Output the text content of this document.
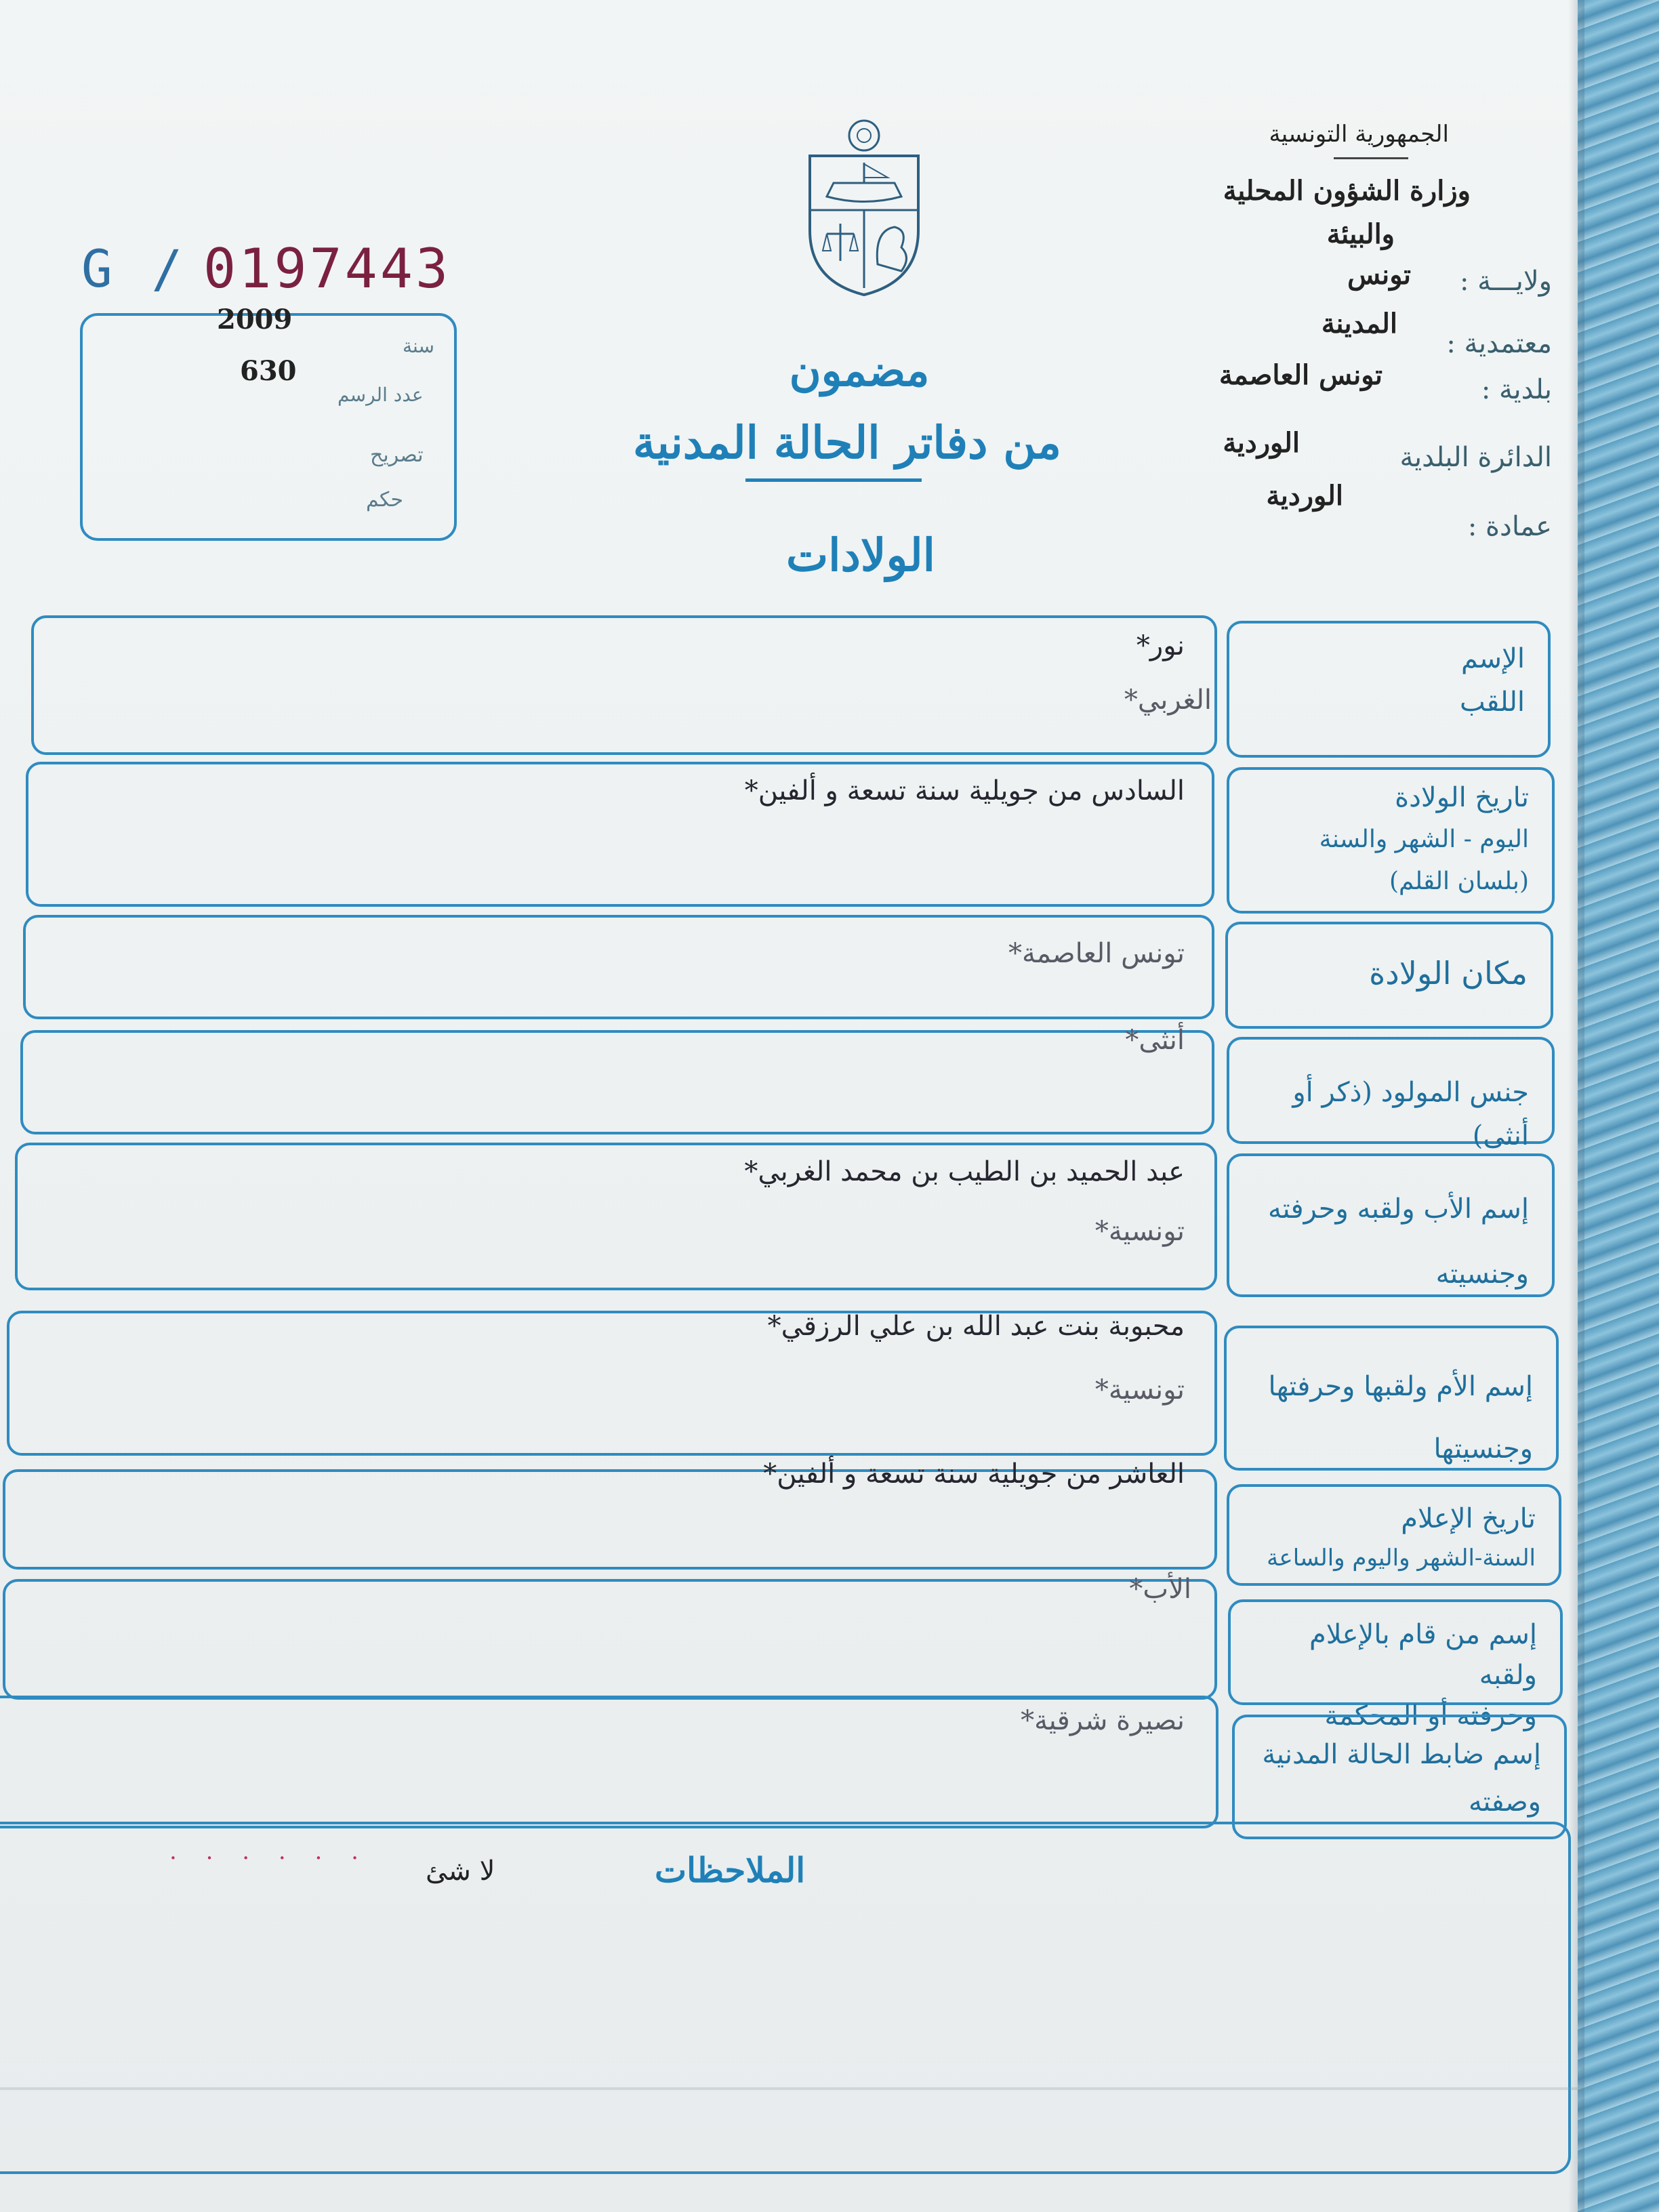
الجمهورية التونسية
وزارة الشؤون المحلية
والبيئة
ولايـــة :
تونس
معتمدية :
المدينة
بلدية :
تونس العاصمة
الدائرة البلدية
الوردية
عمادة :
الوردية
G / 0197443
2009
630
سنة
عدد الرسم
تصريح
حكم
مضمون
من دفاتر الحالة المدنية
الولادات
الإسم
اللقب
نور*
الغربي*
تاريخ الولادة
اليوم - الشهر والسنة
(بلسان القلم)
السادس من جويلية سنة تسعة و ألفين*
مكان الولادة
تونس العاصمة*
جنس المولود (ذكر أو أنثى)
أنثى*
إسم الأب ولقبه وحرفته
وجنسيته
عبد الحميد بن الطيب بن محمد الغربي*
تونسية*
إسم الأم ولقبها وحرفتها
وجنسيتها
محبوبة بنت عبد الله بن علي الرزقي*
تونسية*
تاريخ الإعلام
السنة-الشهر واليوم والساعة
العاشر من جويلية سنة تسعة و ألفين*
إسم من قام بالإعلام ولقبه
وحرفته أو المحكمة
الأب*
إسم ضابط الحالة المدنية
وصفته
نصيرة شرقية*
. . . . . .	الملاحظات
لا شئ
